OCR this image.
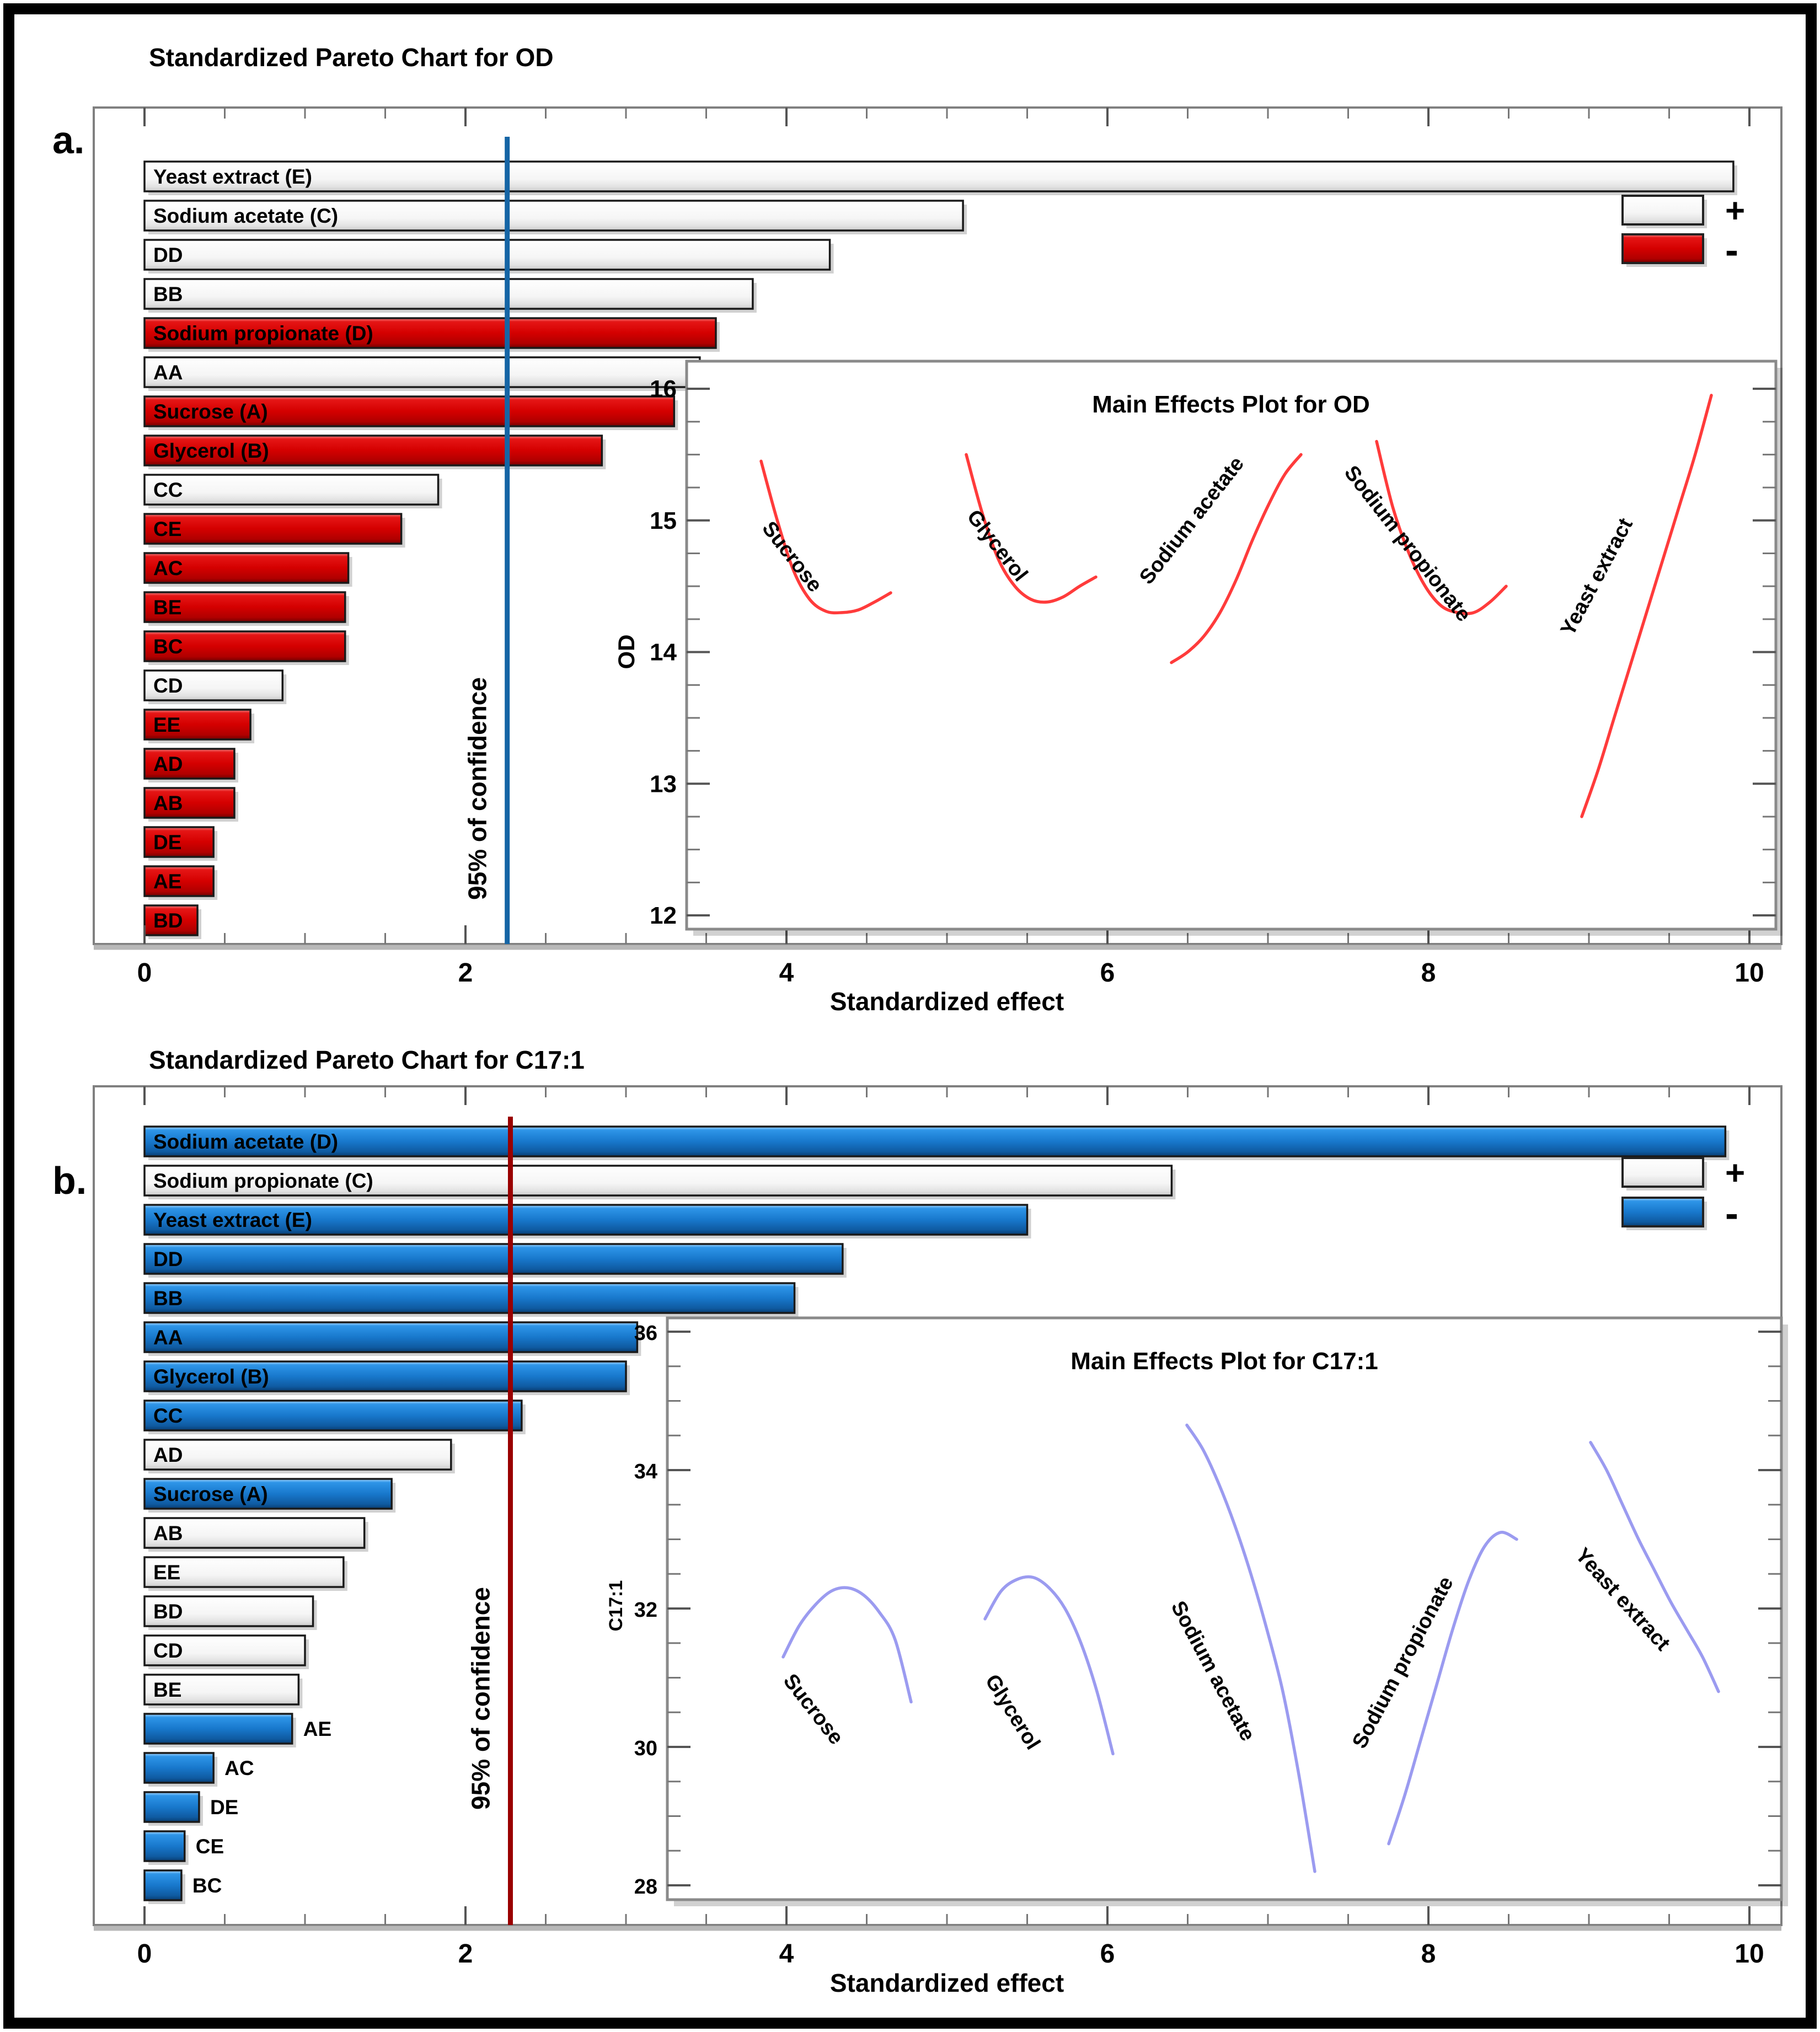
a.
Standardized Pareto Chart for OD
Yeast extract (E)
Sodium acetate (C)
DD
BB
Sodium propionate (D)
AA
Sucrose (A)
Glycerol (B)
CC
CE
AC
BE
BC
CD
EE
AD
AB
DE
AE
BD
0	2	4	6	8	10
95% of confidence
Standardized effect
+
-
Main Effects Plot for OD
OD
12
13
14
15
16
Sucrose	Glycerol	Sodium acetate	Sodium propionate	Yeast extract
b.
Standardized Pareto Chart for C17:1
Sodium acetate (D)
Sodium propionate (C)
Yeast extract (E)
DD
BB
AA
Glycerol (B)
CC
AD
Sucrose (A)
AB
EE
BD
CD
BE
AE
AC
DE
CE
BC
0	2	4	6	8	10
95% of confidence
Standardized effect
+
-
Main Effects Plot for C17:1
C17:1
28
30
32
34
36
Sucrose	Glycerol	Sodium acetate	Sodium propionate	Yeast extract
